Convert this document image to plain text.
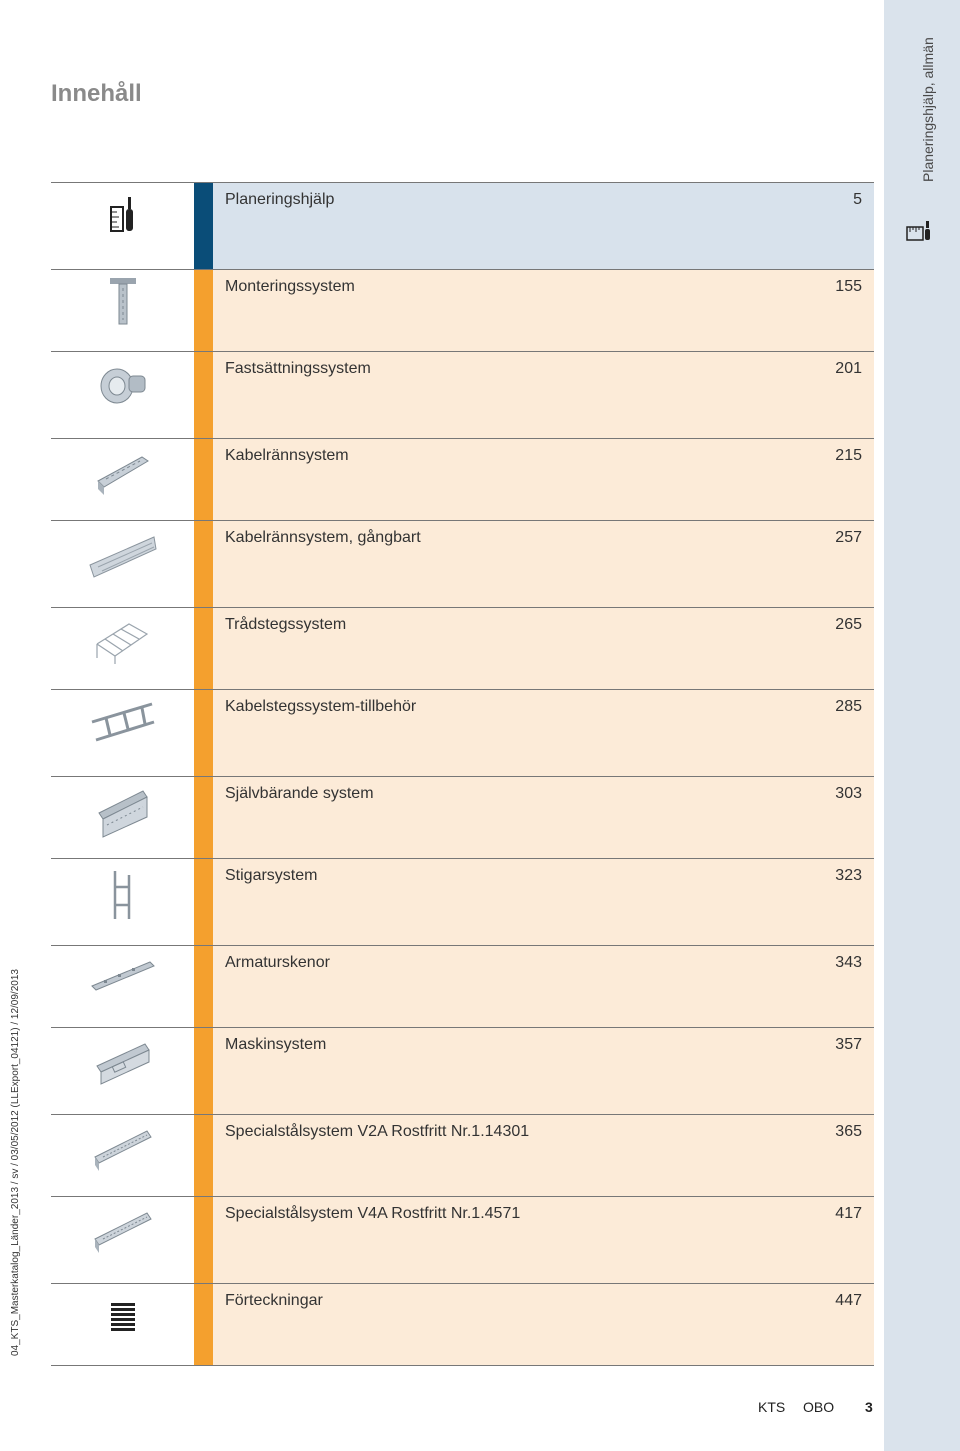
Innehåll	Planeringshjälp, allmän
04_KTS_Masterkatalog_Länder_2013 / sv / 03/05/2012 (LLExport_04121) / 12/09/2013
Planeringshjälp	5
Monteringssystem	155
Fastsättningssystem	201
Kabelrännsystem	215
Kabelrännsystem, gångbart	257
Trådstegssystem	265
Kabelstegssystem-tillbehör	285
Självbärande system	303
Stigarsystem	323
Armaturskenor	343
Maskinsystem	357
Specialstålsystem V2A Rostfritt Nr.1.14301	365
Specialstålsystem V4A Rostfritt Nr.1.4571	417
Förteckningar	447
KTS OBO 3
